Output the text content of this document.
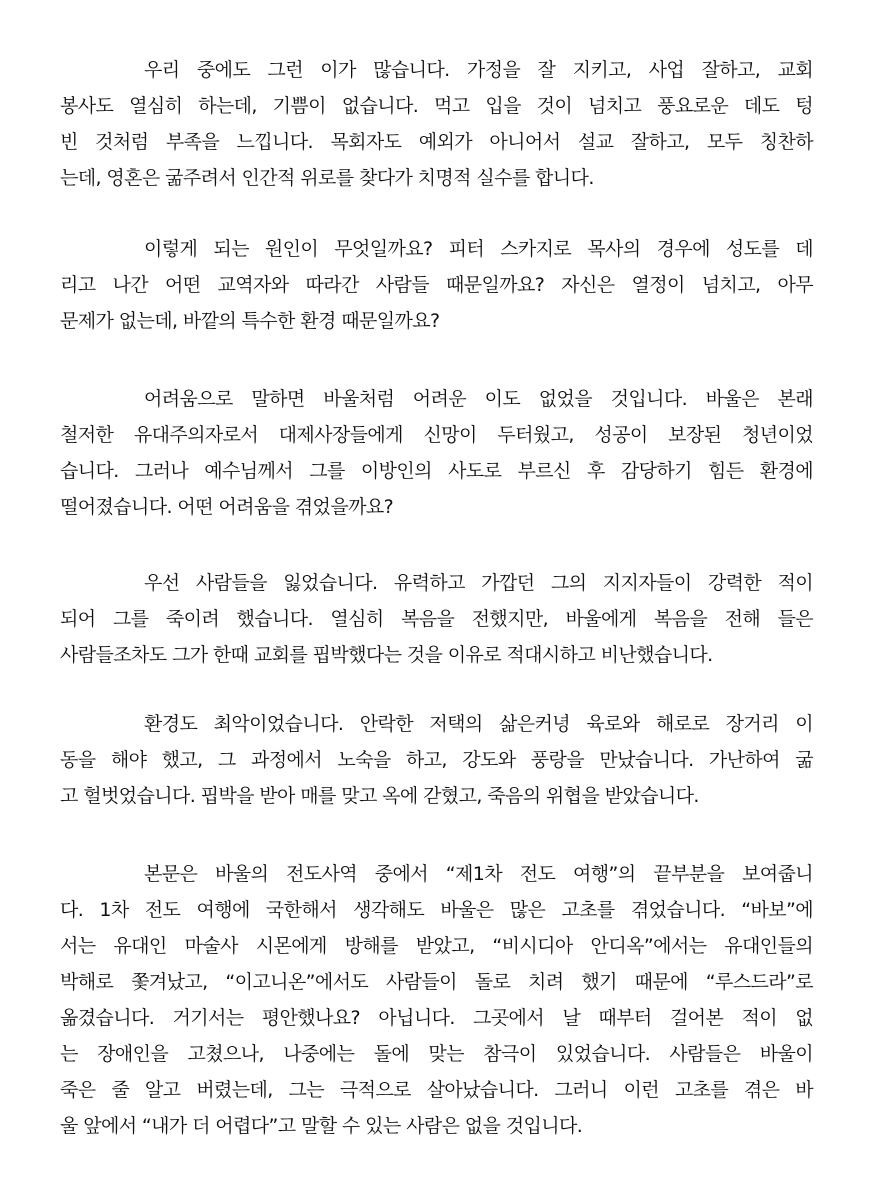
우리 중에도 그런 이가 많습니다. 가정을 잘 지키고, 사업 잘하고, 교회
봉사도 열심히 하는데, 기쁨이 없습니다. 먹고 입을 것이 넘치고 풍요로운 데도 텅
빈 것처럼 부족을 느낍니다. 목회자도 예외가 아니어서 설교 잘하고, 모두 칭찬하
는데, 영혼은 굶주려서 인간적 위로를 찾다가 치명적 실수를 합니다.
이렇게 되는 원인이 무엇일까요? 피터 스카지로 목사의 경우에 성도를 데
리고 나간 어떤 교역자와 따라간 사람들 때문일까요? 자신은 열정이 넘치고, 아무
문제가 없는데, 바깥의 특수한 환경 때문일까요?
어려움으로 말하면 바울처럼 어려운 이도 없었을 것입니다. 바울은 본래
철저한 유대주의자로서 대제사장들에게 신망이 두터웠고, 성공이 보장된 청년이었
습니다. 그러나 예수님께서 그를 이방인의 사도로 부르신 후 감당하기 힘든 환경에
떨어졌습니다. 어떤 어려움을 겪었을까요?
우선 사람들을 잃었습니다. 유력하고 가깝던 그의 지지자들이 강력한 적이
되어 그를 죽이려 했습니다. 열심히 복음을 전했지만, 바울에게 복음을 전해 들은
사람들조차도 그가 한때 교회를 핍박했다는 것을 이유로 적대시하고 비난했습니다.
환경도 최악이었습니다. 안락한 저택의 삶은커녕 육로와 해로로 장거리 이
동을 해야 했고, 그 과정에서 노숙을 하고, 강도와 풍랑을 만났습니다. 가난하여 굶
고 헐벗었습니다. 핍박을 받아 매를 맞고 옥에 갇혔고, 죽음의 위협을 받았습니다.
본문은 바울의 전도사역 중에서 “제1차 전도 여행”의 끝부분을 보여줍니
다. 1차 전도 여행에 국한해서 생각해도 바울은 많은 고초를 겪었습니다. “바보”에
서는 유대인 마술사 시몬에게 방해를 받았고, “비시디아 안디옥”에서는 유대인들의
박해로 쫓겨났고, “이고니온”에서도 사람들이 돌로 치려 했기 때문에 “루스드라”로
옮겼습니다. 거기서는 평안했나요? 아닙니다. 그곳에서 날 때부터 걸어본 적이 없
는 장애인을 고쳤으나, 나중에는 돌에 맞는 참극이 있었습니다. 사람들은 바울이
죽은 줄 알고 버렸는데, 그는 극적으로 살아났습니다. 그러니 이런 고초를 겪은 바
울 앞에서 “내가 더 어렵다”고 말할 수 있는 사람은 없을 것입니다.
